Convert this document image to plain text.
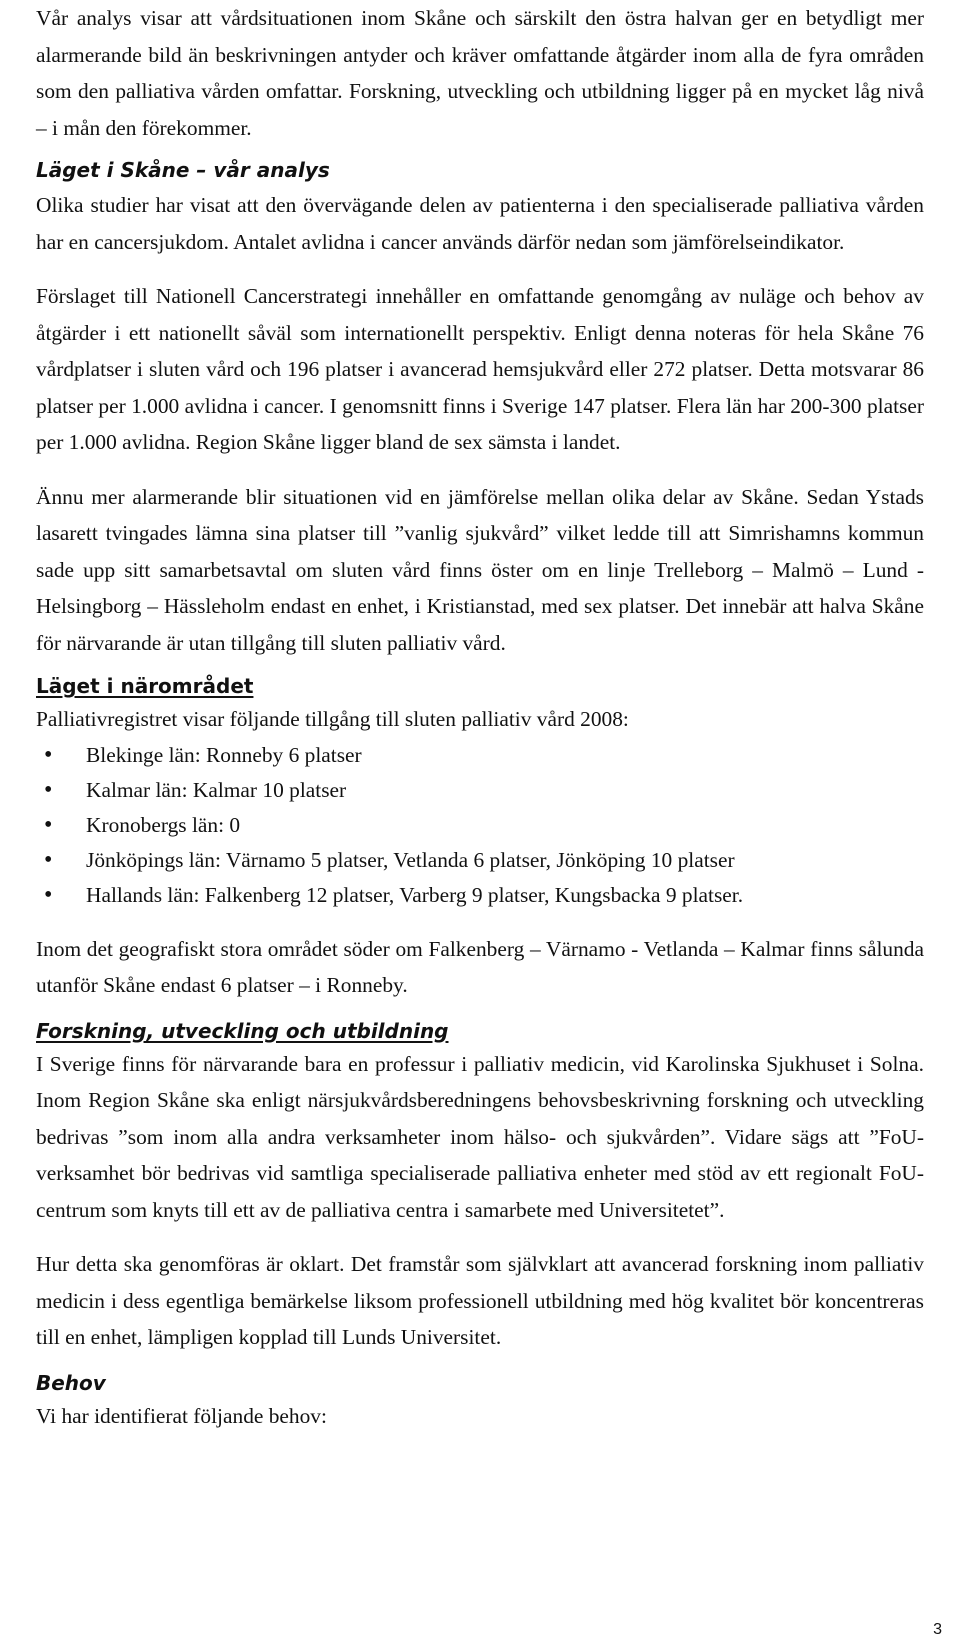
Vår analys visar att vårdsituationen inom Skåne och särskilt den östra halvan ger en betydligt mer alarmerande bild än beskrivningen antyder och kräver omfattande åtgärder inom alla de fyra områden som den palliativa vården omfattar. Forskning, utveckling och utbildning ligger på en mycket låg nivå – i mån den förekommer.

Läget i Skåne – vår analys

Olika studier har visat att den övervägande delen av patienterna i den specialiserade palliativa vården har en cancersjukdom. Antalet avlidna i cancer används därför nedan som jämförelseindikator.

Förslaget till Nationell Cancerstrategi innehåller en omfattande genomgång av nuläge och behov av åtgärder i ett nationellt såväl som internationellt perspektiv. Enligt denna noteras för hela Skåne 76 vårdplatser i sluten vård och 196 platser i avancerad hemsjukvård eller 272 platser. Detta motsvarar 86 platser per 1.000 avlidna i cancer. I genomsnitt finns i Sverige 147 platser. Flera län har 200-300 platser per 1.000 avlidna. Region Skåne ligger bland de sex sämsta i landet.

Ännu mer alarmerande blir situationen vid en jämförelse mellan olika delar av Skåne. Sedan Ystads lasarett tvingades lämna sina platser till ”vanlig sjukvård” vilket ledde till att Simrishamns kommun sade upp sitt samarbetsavtal om sluten vård finns öster om en linje Trelleborg – Malmö – Lund - Helsingborg – Hässleholm endast en enhet, i Kristianstad, med sex platser. Det innebär att halva Skåne för närvarande är utan tillgång till sluten palliativ vård.

Läget i närområdet

Palliativregistret visar följande tillgång till sluten palliativ vård 2008:

• Blekinge län: Ronneby 6 platser
• Kalmar län: Kalmar 10 platser
• Kronobergs län: 0
• Jönköpings län: Värnamo 5 platser, Vetlanda 6 platser, Jönköping 10 platser
• Hallands län: Falkenberg 12 platser, Varberg 9 platser, Kungsbacka 9 platser.

Inom det geografiskt stora området söder om Falkenberg – Värnamo - Vetlanda – Kalmar finns sålunda utanför Skåne endast 6 platser – i Ronneby.

Forskning, utveckling och utbildning

I Sverige finns för närvarande bara en professur i palliativ medicin, vid Karolinska Sjukhuset i Solna. Inom Region Skåne ska enligt närsjukvårdsberedningens behovsbeskrivning forskning och utveckling bedrivas ”som inom alla andra verksamheter inom hälso- och sjukvården”. Vidare sägs att ”FoU-verksamhet bör bedrivas vid samtliga specialiserade palliativa enheter med stöd av ett regionalt FoU-centrum som knyts till ett av de palliativa centra i samarbete med Universitetet”.

Hur detta ska genomföras är oklart. Det framstår som självklart att avancerad forskning inom palliativ medicin i dess egentliga bemärkelse liksom professionell utbildning med hög kvalitet bör koncentreras till en enhet, lämpligen kopplad till Lunds Universitet.

Behov

Vi har identifierat följande behov:

3
